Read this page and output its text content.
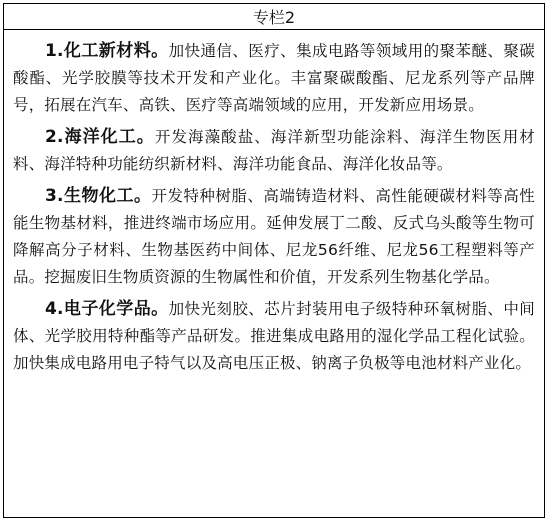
专栏2

1.化工新材料。加快通信、医疗、集成电路等领域用的聚苯醚、聚碳酸酯、光学胶膜等技术开发和产业化。丰富聚碳酸酯、尼龙系列等产品牌号，拓展在汽车、高铁、医疗等高端领域的应用，开发新应用场景。

2.海洋化工。开发海藻酸盐、海洋新型功能涂料、海洋生物医用材料、海洋特种功能纺织新材料、海洋功能食品、海洋化妆品等。

3.生物化工。开发特种树脂、高端铸造材料、高性能硬碳材料等高性能生物基材料，推进终端市场应用。延伸发展丁二酸、反式乌头酸等生物可降解高分子材料、生物基医药中间体、尼龙56纤维、尼龙56工程塑料等产品。挖掘废旧生物质资源的生物属性和价值，开发系列生物基化学品。

4.电子化学品。加快光刻胶、芯片封装用电子级特种环氧树脂、中间体、光学胶用特种酯等产品研发。推进集成电路用的湿化学品工程化试验。加快集成电路用电子特气以及高电压正极、钠离子负极等电池材料产业化。
